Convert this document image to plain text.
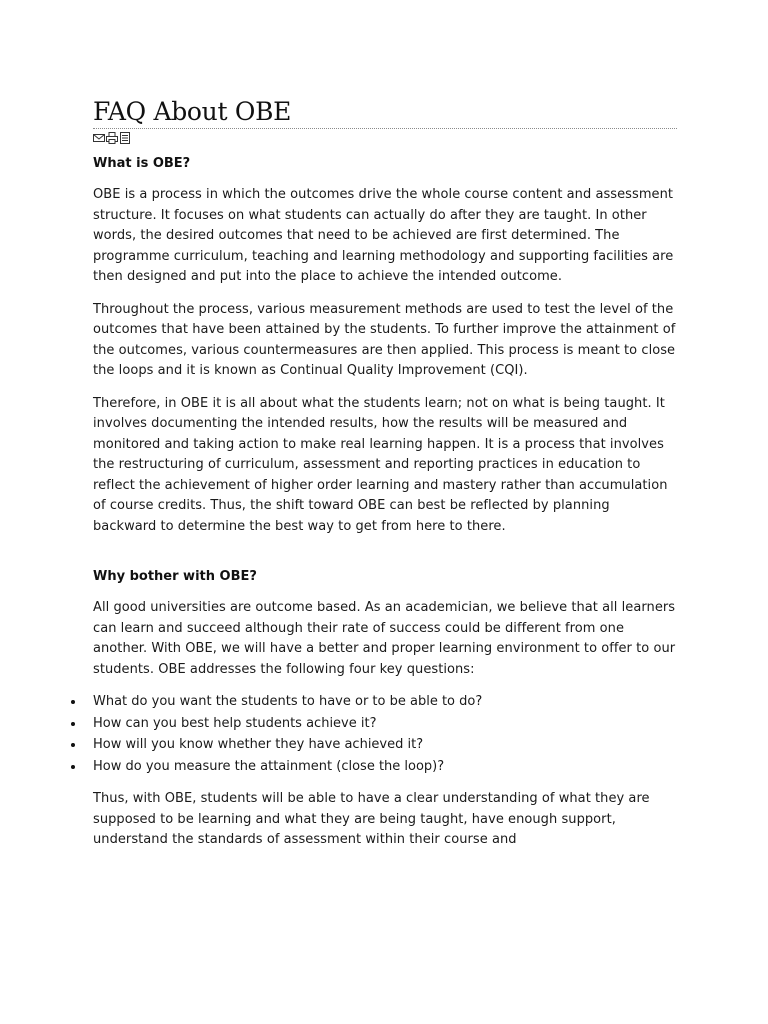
FAQ About OBE
What is OBE?

OBE is a process in which the outcomes drive the whole course content and assessment structure. It focuses on what students can actually do after they are taught. In other words, the desired outcomes that need to be achieved are first determined. The programme curriculum, teaching and learning methodology and supporting facilities are then designed and put into the place to achieve the intended outcome.

Throughout the process, various measurement methods are used to test the level of the outcomes that have been attained by the students. To further improve the attainment of the outcomes, various countermeasures are then applied. This process is meant to close the loops and it is known as Continual Quality Improvement (CQI).

Therefore, in OBE it is all about what the students learn; not on what is being taught. It involves documenting the intended results, how the results will be measured and monitored and taking action to make real learning happen. It is a process that involves the restructuring of curriculum, assessment and reporting practices in education to reflect the achievement of higher order learning and mastery rather than accumulation of course credits. Thus, the shift toward OBE can best be reflected by planning backward to determine the best way to get from here to there.

Why bother with OBE?

All good universities are outcome based. As an academician, we believe that all learners can learn and succeed although their rate of success could be different from one another. With OBE, we will have a better and proper learning environment to offer to our students. OBE addresses the following four key questions:

What do you want the students to have or to be able to do?
How can you best help students achieve it?
How will you know whether they have achieved it?
How do you measure the attainment (close the loop)?

Thus, with OBE, students will be able to have a clear understanding of what they are supposed to be learning and what they are being taught, have enough support, understand the standards of assessment within their course and
